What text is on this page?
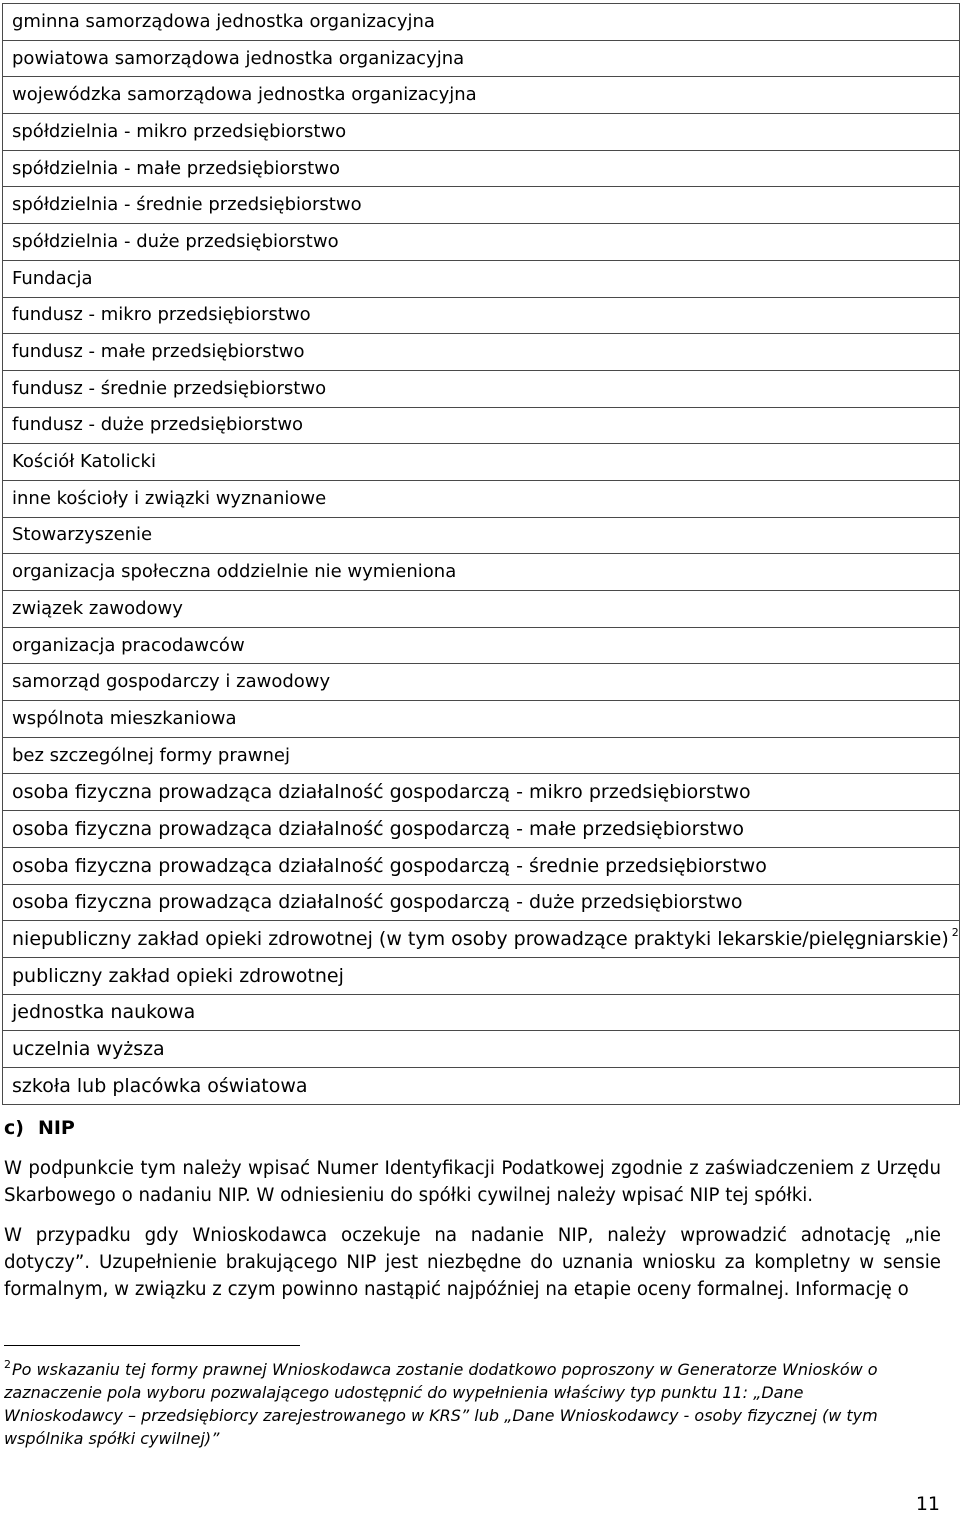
gminna samorządowa jednostka organizacyjna
powiatowa samorządowa jednostka organizacyjna
wojewódzka samorządowa jednostka organizacyjna
spółdzielnia - mikro przedsiębiorstwo
spółdzielnia - małe przedsiębiorstwo
spółdzielnia - średnie przedsiębiorstwo
spółdzielnia - duże przedsiębiorstwo
Fundacja
fundusz - mikro przedsiębiorstwo
fundusz - małe przedsiębiorstwo
fundusz - średnie przedsiębiorstwo
fundusz - duże przedsiębiorstwo
Kościół Katolicki
inne kościoły i związki wyznaniowe
Stowarzyszenie
organizacja społeczna oddzielnie nie wymieniona
związek zawodowy
organizacja pracodawców
samorząd gospodarczy i zawodowy
wspólnota mieszkaniowa
bez szczególnej formy prawnej
osoba fizyczna prowadząca działalność gospodarczą - mikro przedsiębiorstwo
osoba fizyczna prowadząca działalność gospodarczą - małe przedsiębiorstwo
osoba fizyczna prowadząca działalność gospodarczą - średnie przedsiębiorstwo
osoba fizyczna prowadząca działalność gospodarczą - duże przedsiębiorstwo
niepubliczny zakład opieki zdrowotnej (w tym osoby prowadzące praktyki lekarskie/pielęgniarskie) $^2$
publiczny zakład opieki zdrowotnej
jednostka naukowa
uczelnia wyższa
szkoła lub placówka oświatowa
c) NIP

W podpunkcie tym należy wpisać Numer Identyfikacji Podatkowej zgodnie z zaświadczeniem z Urzędu Skarbowego o nadaniu NIP. W odniesieniu do spółki cywilnej należy wpisać NIP tej spółki.

W przypadku gdy Wnioskodawca oczekuje na nadanie NIP, należy wprowadzić adnotację „nie dotyczy”. Uzupełnienie brakującego NIP jest niezbędne do uznania wniosku za kompletny w sensie formalnym, w związku z czym powinno nastąpić najpóźniej na etapie oceny formalnej. Informację o

$^2$Po wskazaniu tej formy prawnej Wnioskodawca zostanie dodatkowo poproszony w Generatorze Wniosków o zaznaczenie pola wyboru pozwalającego udostępnić do wypełnienia właściwy typ punktu 11: „Dane Wnioskodawcy – przedsiębiorcy zarejestrowanego w KRS” lub „Dane Wnioskodawcy - osoby fizycznej (w tym wspólnika spółki cywilnej)”

11
